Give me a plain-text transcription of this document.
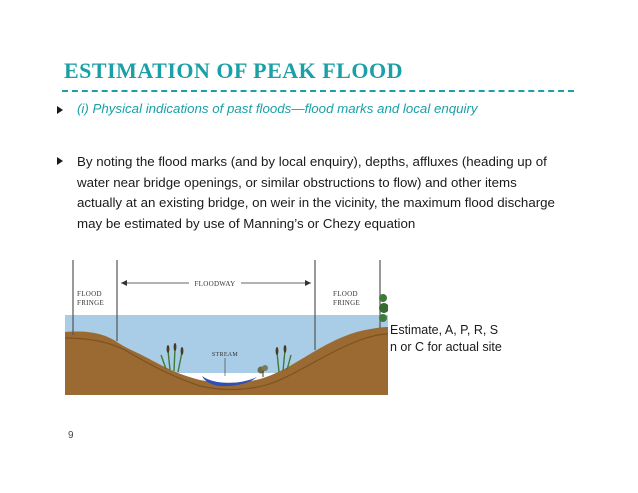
ESTIMATION OF PEAK FLOOD
(i) Physical indications of past floods—flood marks and local enquiry
By noting the flood marks (and by local enquiry), depths, affluxes (heading up of water near bridge openings, or similar obstructions to flow) and other items actually at an existing bridge, on weir in the vicinity, the maximum flood discharge may be estimated by use of Manning’s or Chezy equation
FLOODWAY
FLOOD
FRINGE
FLOOD
FRINGE
STREAM
Estimate, A, P, R, S
n or C for actual site
9
